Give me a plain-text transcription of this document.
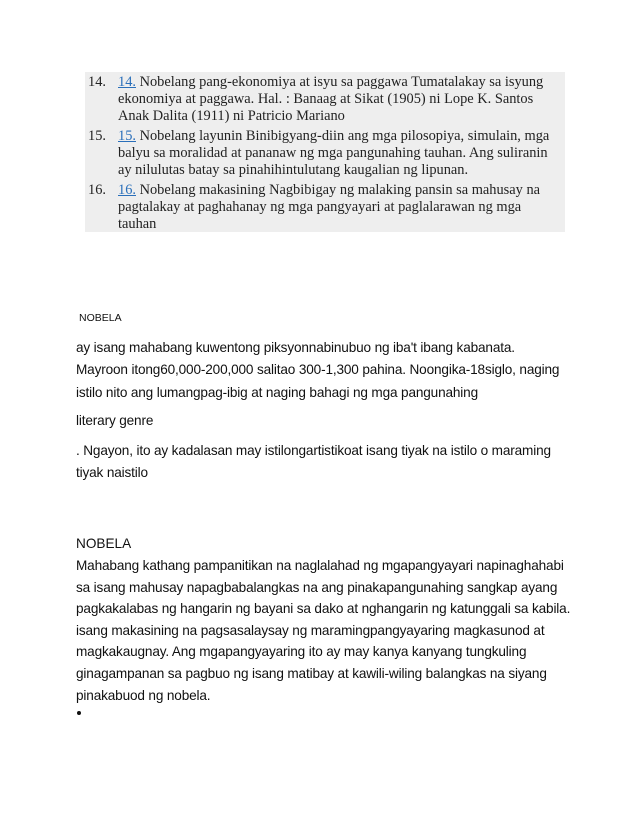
14. 14. Nobelang pang-ekonomiya at isyu sa paggawa Tumatalakay sa isyung
ekonomiya at paggawa. Hal. : Banaag at Sikat (1905) ni Lope K. Santos
Anak Dalita (1911) ni Patricio Mariano
15. 15. Nobelang layunin Binibigyang-diin ang mga pilosopiya, simulain, mga
balyu sa moralidad at pananaw ng mga pangunahing tauhan. Ang suliranin
ay nilulutas batay sa pinahihintulutang kaugalian ng lipunan.
16. 16. Nobelang makasining Nagbibigay ng malaking pansin sa mahusay na
pagtalakay at paghahanay ng mga pangyayari at paglalarawan ng mga
tauhan
NOBELA
ay isang mahabang kuwentong piksyonnabinubuo ng iba't ibang kabanata.
Mayroon itong60,000-200,000 salitao 300-1,300 pahina. Noongika-18siglo, naging
istilo nito ang lumangpag-ibig at naging bahagi ng mga pangunahing
literary genre
. Ngayon, ito ay kadalasan may istilongartistikoat isang tiyak na istilo o maraming
tiyak naistilo
NOBELA
Mahabang kathang pampanitikan na naglalahad ng mgapangyayari napinaghahabi
sa isang mahusay napagbabalangkas na ang pinakapangunahing sangkap ayang
pagkakalabas ng hangarin ng bayani sa dako at nghangarin ng katunggali sa kabila.
isang makasining na pagsasalaysay ng maramingpangyayaring magkasunod at
magkakaugnay. Ang mgapangyayaring ito ay may kanya kanyang tungkuling
ginagampanan sa pagbuo ng isang matibay at kawili-wiling balangkas na siyang
pinakabuod ng nobela.
